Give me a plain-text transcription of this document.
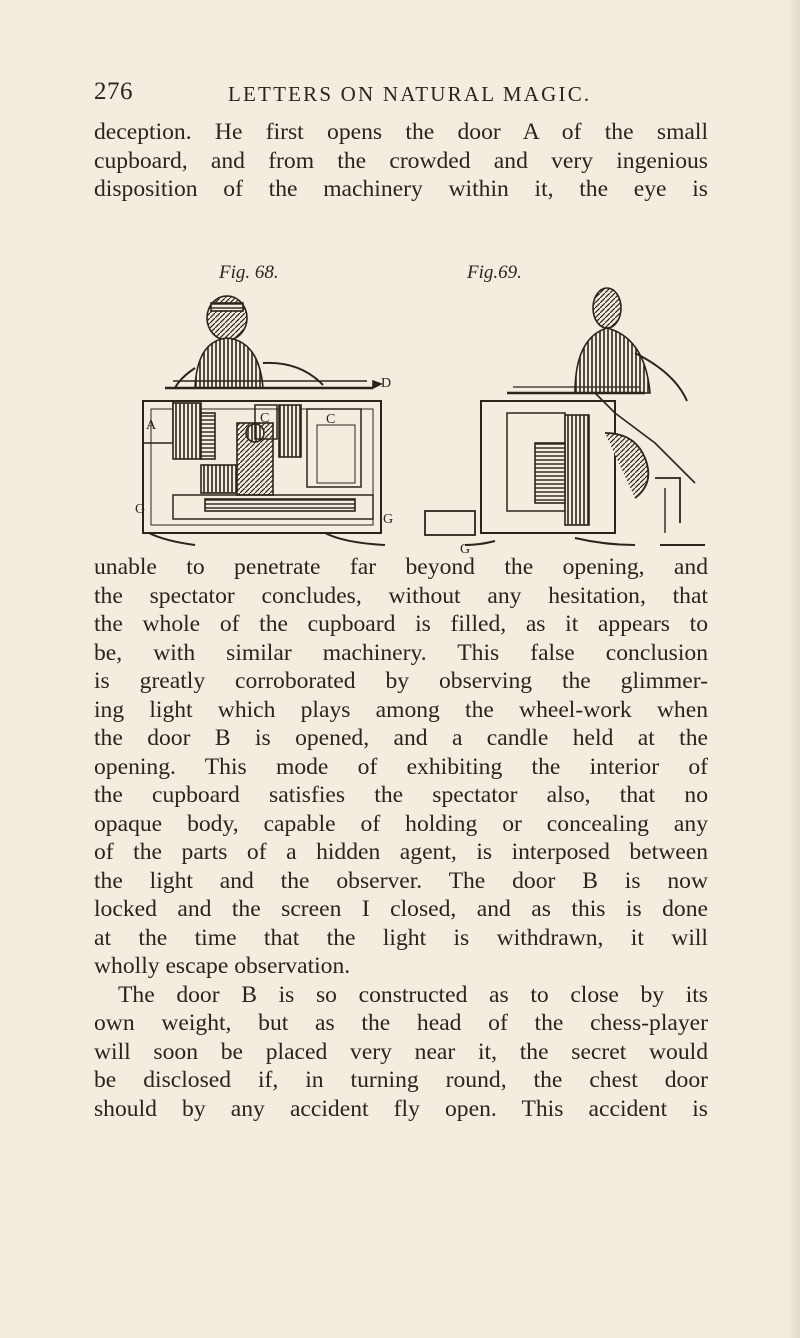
276	LETTERS ON NATURAL MAGIC.
deception. He first opens the door A of the small
cupboard, and from the crowded and very ingenious
disposition of the machinery within it, the eye is
Fig. 68.	Fig.69.
D
A	C	C
G
G
G
unable to penetrate far beyond the opening, and
the spectator concludes, without any hesitation, that
the whole of the cupboard is filled, as it appears to
be, with similar machinery. This false conclusion
is greatly corroborated by observing the glimmer-
ing light which plays among the wheel-work when
the door B is opened, and a candle held at the
opening. This mode of exhibiting the interior of
the cupboard satisfies the spectator also, that no
opaque body, capable of holding or concealing any
of the parts of a hidden agent, is interposed between
the light and the observer. The door B is now
locked and the screen I closed, and as this is done
at the time that the light is withdrawn, it will
wholly escape observation.
The door B is so constructed as to close by its
own weight, but as the head of the chess-player
will soon be placed very near it, the secret would
be disclosed if, in turning round, the chest door
should by any accident fly open. This accident is
